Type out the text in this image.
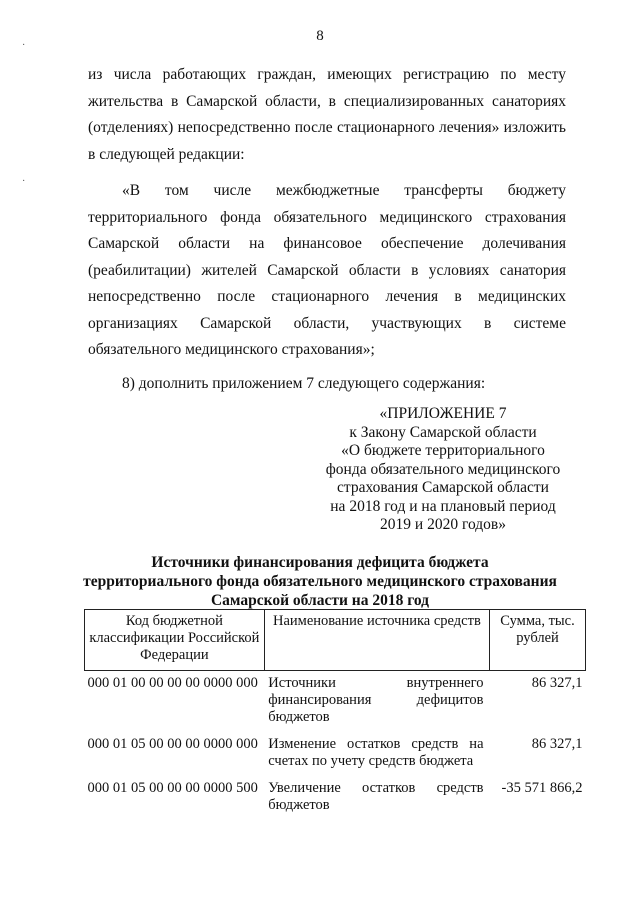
·
·
8

из числа работающих граждан, имеющих регистрацию по месту жительства в Самарской области, в специализированных санаториях (отделениях) непосредственно после стационарного лечения» изложить в следующей редакции:

«В том числе межбюджетные трансферты бюджету территориального фонда обязательного медицинского страхования Самарской области на финансовое обеспечение долечивания (реабилитации) жителей Самарской области в условиях санатория непосредственно после стационарного лечения в медицинских организациях Самарской области, участвующих в системе обязательного медицинского страхования»;

8) дополнить приложением 7 следующего содержания:

«ПРИЛОЖЕНИЕ 7
к Закону Самарской области
«О бюджете территориального
фонда обязательного медицинского
страхования Самарской области
на 2018 год и на плановый период
2019 и 2020 годов»
Источники финансирования дефицита бюджета
территориального фонда обязательного медицинского страхования
Самарской области на 2018 год
Код бюджетной классификации Российской Федерации	Наименование источника средств	Сумма, тыс. рублей
000 01 00 00 00 00 0000 000	Источники внутреннего финансирования дефицитов бюджетов	86 327,1
000 01 05 00 00 00 0000 000	Изменение остатков средств на счетах по учету средств бюджета	86 327,1
000 01 05 00 00 00 0000 500	Увеличение остатков средств бюджетов	-35 571 866,2
